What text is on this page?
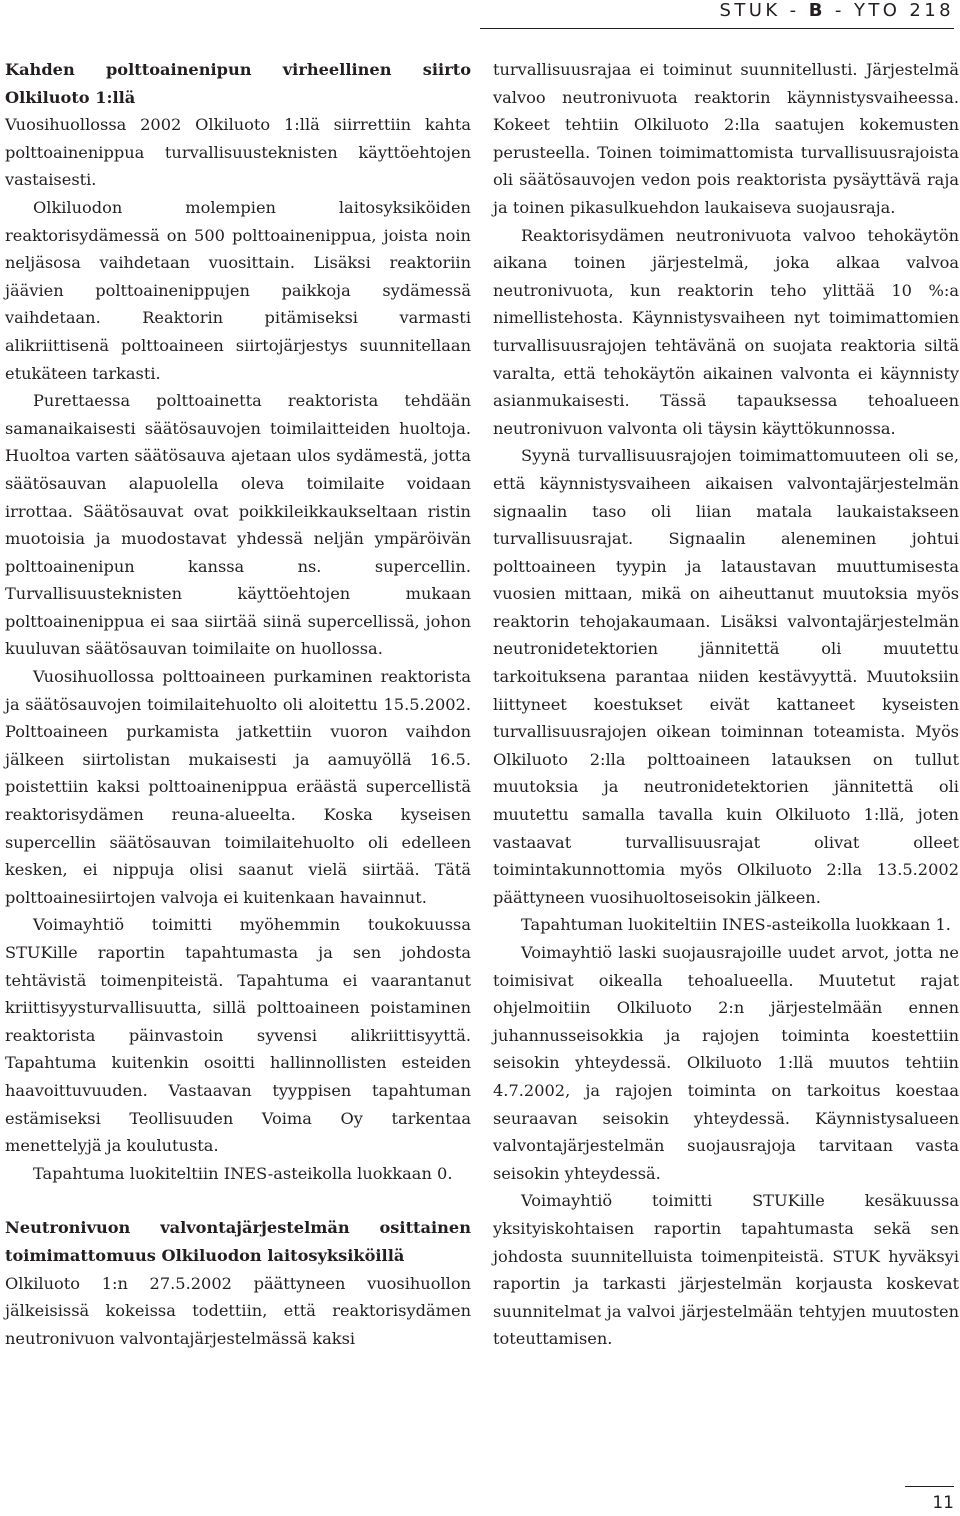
STUK - B - YTO 218
Kahden polttoainenipun virheellinen siirto Olkiluoto 1:llä

Vuosihuollossa 2002 Olkiluoto 1:llä siirrettiin kahta polttoainenippua turvallisuusteknisten käyttöehtojen vastaisesti.

Olkiluodon molempien laitosyksiköiden reaktorisydämessä on 500 polttoainenippua, joista noin neljäsosa vaihdetaan vuosittain. Lisäksi reaktoriin jäävien polttoainenippujen paikkoja sydämessä vaihdetaan. Reaktorin pitämiseksi varmasti alikriittisenä polttoaineen siirtojärjestys suunnitellaan etukäteen tarkasti.

Purettaessa polttoainetta reaktorista tehdään samanaikaisesti säätösauvojen toimilaitteiden huoltoja. Huoltoa varten säätösauva ajetaan ulos sydämestä, jotta säätösauvan alapuolella oleva toimilaite voidaan irrottaa. Säätösauvat ovat poikkileikkaukseltaan ristin muotoisia ja muodostavat yhdessä neljän ympäröivän polttoainenipun kanssa ns. supercellin. Turvallisuusteknisten käyttöehtojen mukaan polttoainenippua ei saa siirtää siinä supercellissä, johon kuuluvan säätösauvan toimilaite on huollossa.

Vuosihuollossa polttoaineen purkaminen reaktorista ja säätösauvojen toimilaitehuolto oli aloitettu 15.5.2002. Polttoaineen purkamista jatkettiin vuoron vaihdon jälkeen siirtolistan mukaisesti ja aamuyöllä 16.5. poistettiin kaksi polttoainenippua eräästä supercellistä reaktorisydämen reuna-alueelta. Koska kyseisen supercellin säätösauvan toimilaitehuolto oli edelleen kesken, ei nippuja olisi saanut vielä siirtää. Tätä polttoainesiirtojen valvoja ei kuitenkaan havainnut.

Voimayhtiö toimitti myöhemmin toukokuussa STUKille raportin tapahtumasta ja sen johdosta tehtävistä toimenpiteistä. Tapahtuma ei vaarantanut kriittisyysturvallisuutta, sillä polttoaineen poistaminen reaktorista päinvastoin syvensi alikriittisyyttä. Tapahtuma kuitenkin osoitti hallinnollisten esteiden haavoittuvuuden. Vastaavan tyyppisen tapahtuman estämiseksi Teollisuuden Voima Oy tarkentaa menettelyjä ja koulutusta.

Tapahtuma luokiteltiin INES-asteikolla luokkaan 0.

Neutronivuon valvontajärjestelmän osittainen toimimattomuus Olkiluodon laitosyksiköillä

Olkiluoto 1:n 27.5.2002 päättyneen vuosihuollon jälkeisissä kokeissa todettiin, että reaktorisydämen neutronivuon valvontajärjestelmässä kaksi

turvallisuusrajaa ei toiminut suunnitellusti. Järjestelmä valvoo neutronivuota reaktorin käynnistysvaiheessa. Kokeet tehtiin Olkiluoto 2:lla saatujen kokemusten perusteella. Toinen toimimattomista turvallisuusrajoista oli säätösauvojen vedon pois reaktorista pysäyttävä raja ja toinen pikasulkuehdon laukaiseva suojausraja.

Reaktorisydämen neutronivuota valvoo tehokäytön aikana toinen järjestelmä, joka alkaa valvoa neutronivuota, kun reaktorin teho ylittää 10 %:a nimellistehosta. Käynnistysvaiheen nyt toimimattomien turvallisuusrajojen tehtävänä on suojata reaktoria siltä varalta, että tehokäytön aikainen valvonta ei käynnisty asianmukaisesti. Tässä tapauksessa tehoalueen neutronivuon valvonta oli täysin käyttökunnossa.

Syynä turvallisuusrajojen toimimattomuuteen oli se, että käynnistysvaiheen aikaisen valvontajärjestelmän signaalin taso oli liian matala laukaistakseen turvallisuusrajat. Signaalin aleneminen johtui polttoaineen tyypin ja lataustavan muuttumisesta vuosien mittaan, mikä on aiheuttanut muutoksia myös reaktorin tehojakaumaan. Lisäksi valvontajärjestelmän neutronidetektorien jännitettä oli muutettu tarkoituksena parantaa niiden kestävyyttä. Muutoksiin liittyneet koestukset eivät kattaneet kyseisten turvallisuusrajojen oikean toiminnan toteamista. Myös Olkiluoto 2:lla polttoaineen latauksen on tullut muutoksia ja neutronidetektorien jännitettä oli muutettu samalla tavalla kuin Olkiluoto 1:llä, joten vastaavat turvallisuusrajat olivat olleet toimintakunnottomia myös Olkiluoto 2:lla 13.5.2002 päättyneen vuosihuoltoseisokin jälkeen.

Tapahtuman luokiteltiin INES-asteikolla luokkaan 1.

Voimayhtiö laski suojausrajoille uudet arvot, jotta ne toimisivat oikealla tehoalueella. Muutetut rajat ohjelmoitiin Olkiluoto 2:n järjestelmään ennen juhannusseisokkia ja rajojen toiminta koestettiin seisokin yhteydessä. Olkiluoto 1:llä muutos tehtiin 4.7.2002, ja rajojen toiminta on tarkoitus koestaa seuraavan seisokin yhteydessä. Käynnistysalueen valvontajärjestelmän suojausrajoja tarvitaan vasta seisokin yhteydessä.

Voimayhtiö toimitti STUKille kesäkuussa yksityiskohtaisen raportin tapahtumasta sekä sen johdosta suunnitelluista toimenpiteistä. STUK hyväksyi raportin ja tarkasti järjestelmän korjausta koskevat suunnitelmat ja valvoi järjestelmään tehtyjen muutosten toteuttamisen.

11
